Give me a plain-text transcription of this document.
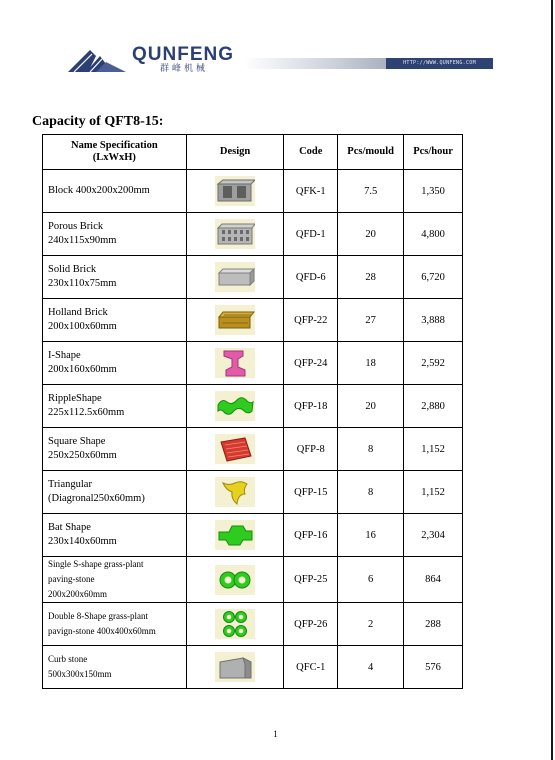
QUNFENG
群峰机械
HTTP://WWW.QUNFENG.COM
Capacity of QFT8-15:
Name Specification
(LxWxH)	Design	Code	Pcs/mould	Pcs/hour
Block 400x200x200mm		QFK-1	7.5	1,350
Porous Brick
240x115x90mm		QFD-1	20	4,800
Solid Brick
230x110x75mm		QFD-6	28	6,720
Holland Brick
200x100x60mm		QFP-22	27	3,888
I-Shape
200x160x60mm		QFP-24	18	2,592
RippleShape
225x112.5x60mm		QFP-18	20	2,880
Square Shape
250x250x60mm		QFP-8	8	1,152
Triangular
(Diagronal250x60mm)		QFP-15	8	1,152
Bat Shape
230x140x60mm		QFP-16	16	2,304
Single S-shape grass-plant
paving-stone
200x200x60mm		QFP-25	6	864
Double 8-Shape grass-plant
pavign-stone 400x400x60mm		QFP-26	2	288
Curb stone
500x300x150mm		QFC-1	4	576
1
